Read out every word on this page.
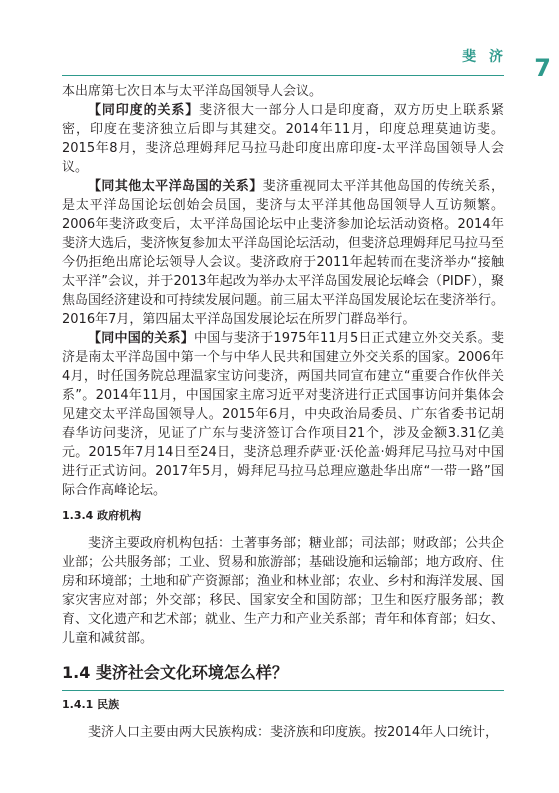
斐 济 7

本出席第七次日本与太平洋岛国领导人会议。

【同印度的关系】斐济很大一部分人口是印度裔，双方历史上联系紧密，印度在斐济独立后即与其建交。2014年11月，印度总理莫迪访斐。2015年8月，斐济总理姆拜尼马拉马赴印度出席印度-太平洋岛国领导人会议。

【同其他太平洋岛国的关系】斐济重视同太平洋其他岛国的传统关系，是太平洋岛国论坛创始会员国，斐济与太平洋其他岛国领导人互访频繁。2006年斐济政变后，太平洋岛国论坛中止斐济参加论坛活动资格。2014年斐济大选后，斐济恢复参加太平洋岛国论坛活动，但斐济总理姆拜尼马拉马至今仍拒绝出席论坛领导人会议。斐济政府于2011年起转而在斐济举办“接触太平洋”会议，并于2013年起改为举办太平洋岛国发展论坛峰会（PIDF），聚焦岛国经济建设和可持续发展问题。前三届太平洋岛国发展论坛在斐济举行。2016年7月，第四届太平洋岛国发展论坛在所罗门群岛举行。

【同中国的关系】中国与斐济于1975年11月5日正式建立外交关系。斐济是南太平洋岛国中第一个与中华人民共和国建立外交关系的国家。2006年4月，时任国务院总理温家宝访问斐济，两国共同宣布建立“重要合作伙伴关系”。2014年11月，中国国家主席习近平对斐济进行正式国事访问并集体会见建交太平洋岛国领导人。2015年6月，中央政治局委员、广东省委书记胡春华访问斐济，见证了广东与斐济签订合作项目21个，涉及金额3.31亿美元。2015年7月14日至24日，斐济总理乔萨亚·沃伦盖·姆拜尼马拉马对中国进行正式访问。2017年5月，姆拜尼马拉马总理应邀赴华出席“一带一路”国际合作高峰论坛。

1.3.4 政府机构

斐济主要政府机构包括：土著事务部；糖业部；司法部；财政部；公共企业部；公共服务部；工业、贸易和旅游部；基础设施和运输部；地方政府、住房和环境部；土地和矿产资源部；渔业和林业部；农业、乡村和海洋发展、国家灾害应对部；外交部；移民、国家安全和国防部；卫生和医疗服务部；教育、文化遗产和艺术部；就业、生产力和产业关系部；青年和体育部；妇女、儿童和减贫部。

1.4 斐济社会文化环境怎么样？
1.4.1 民族

斐济人口主要由两大民族构成：斐济族和印度族。按2014年人口统计，
